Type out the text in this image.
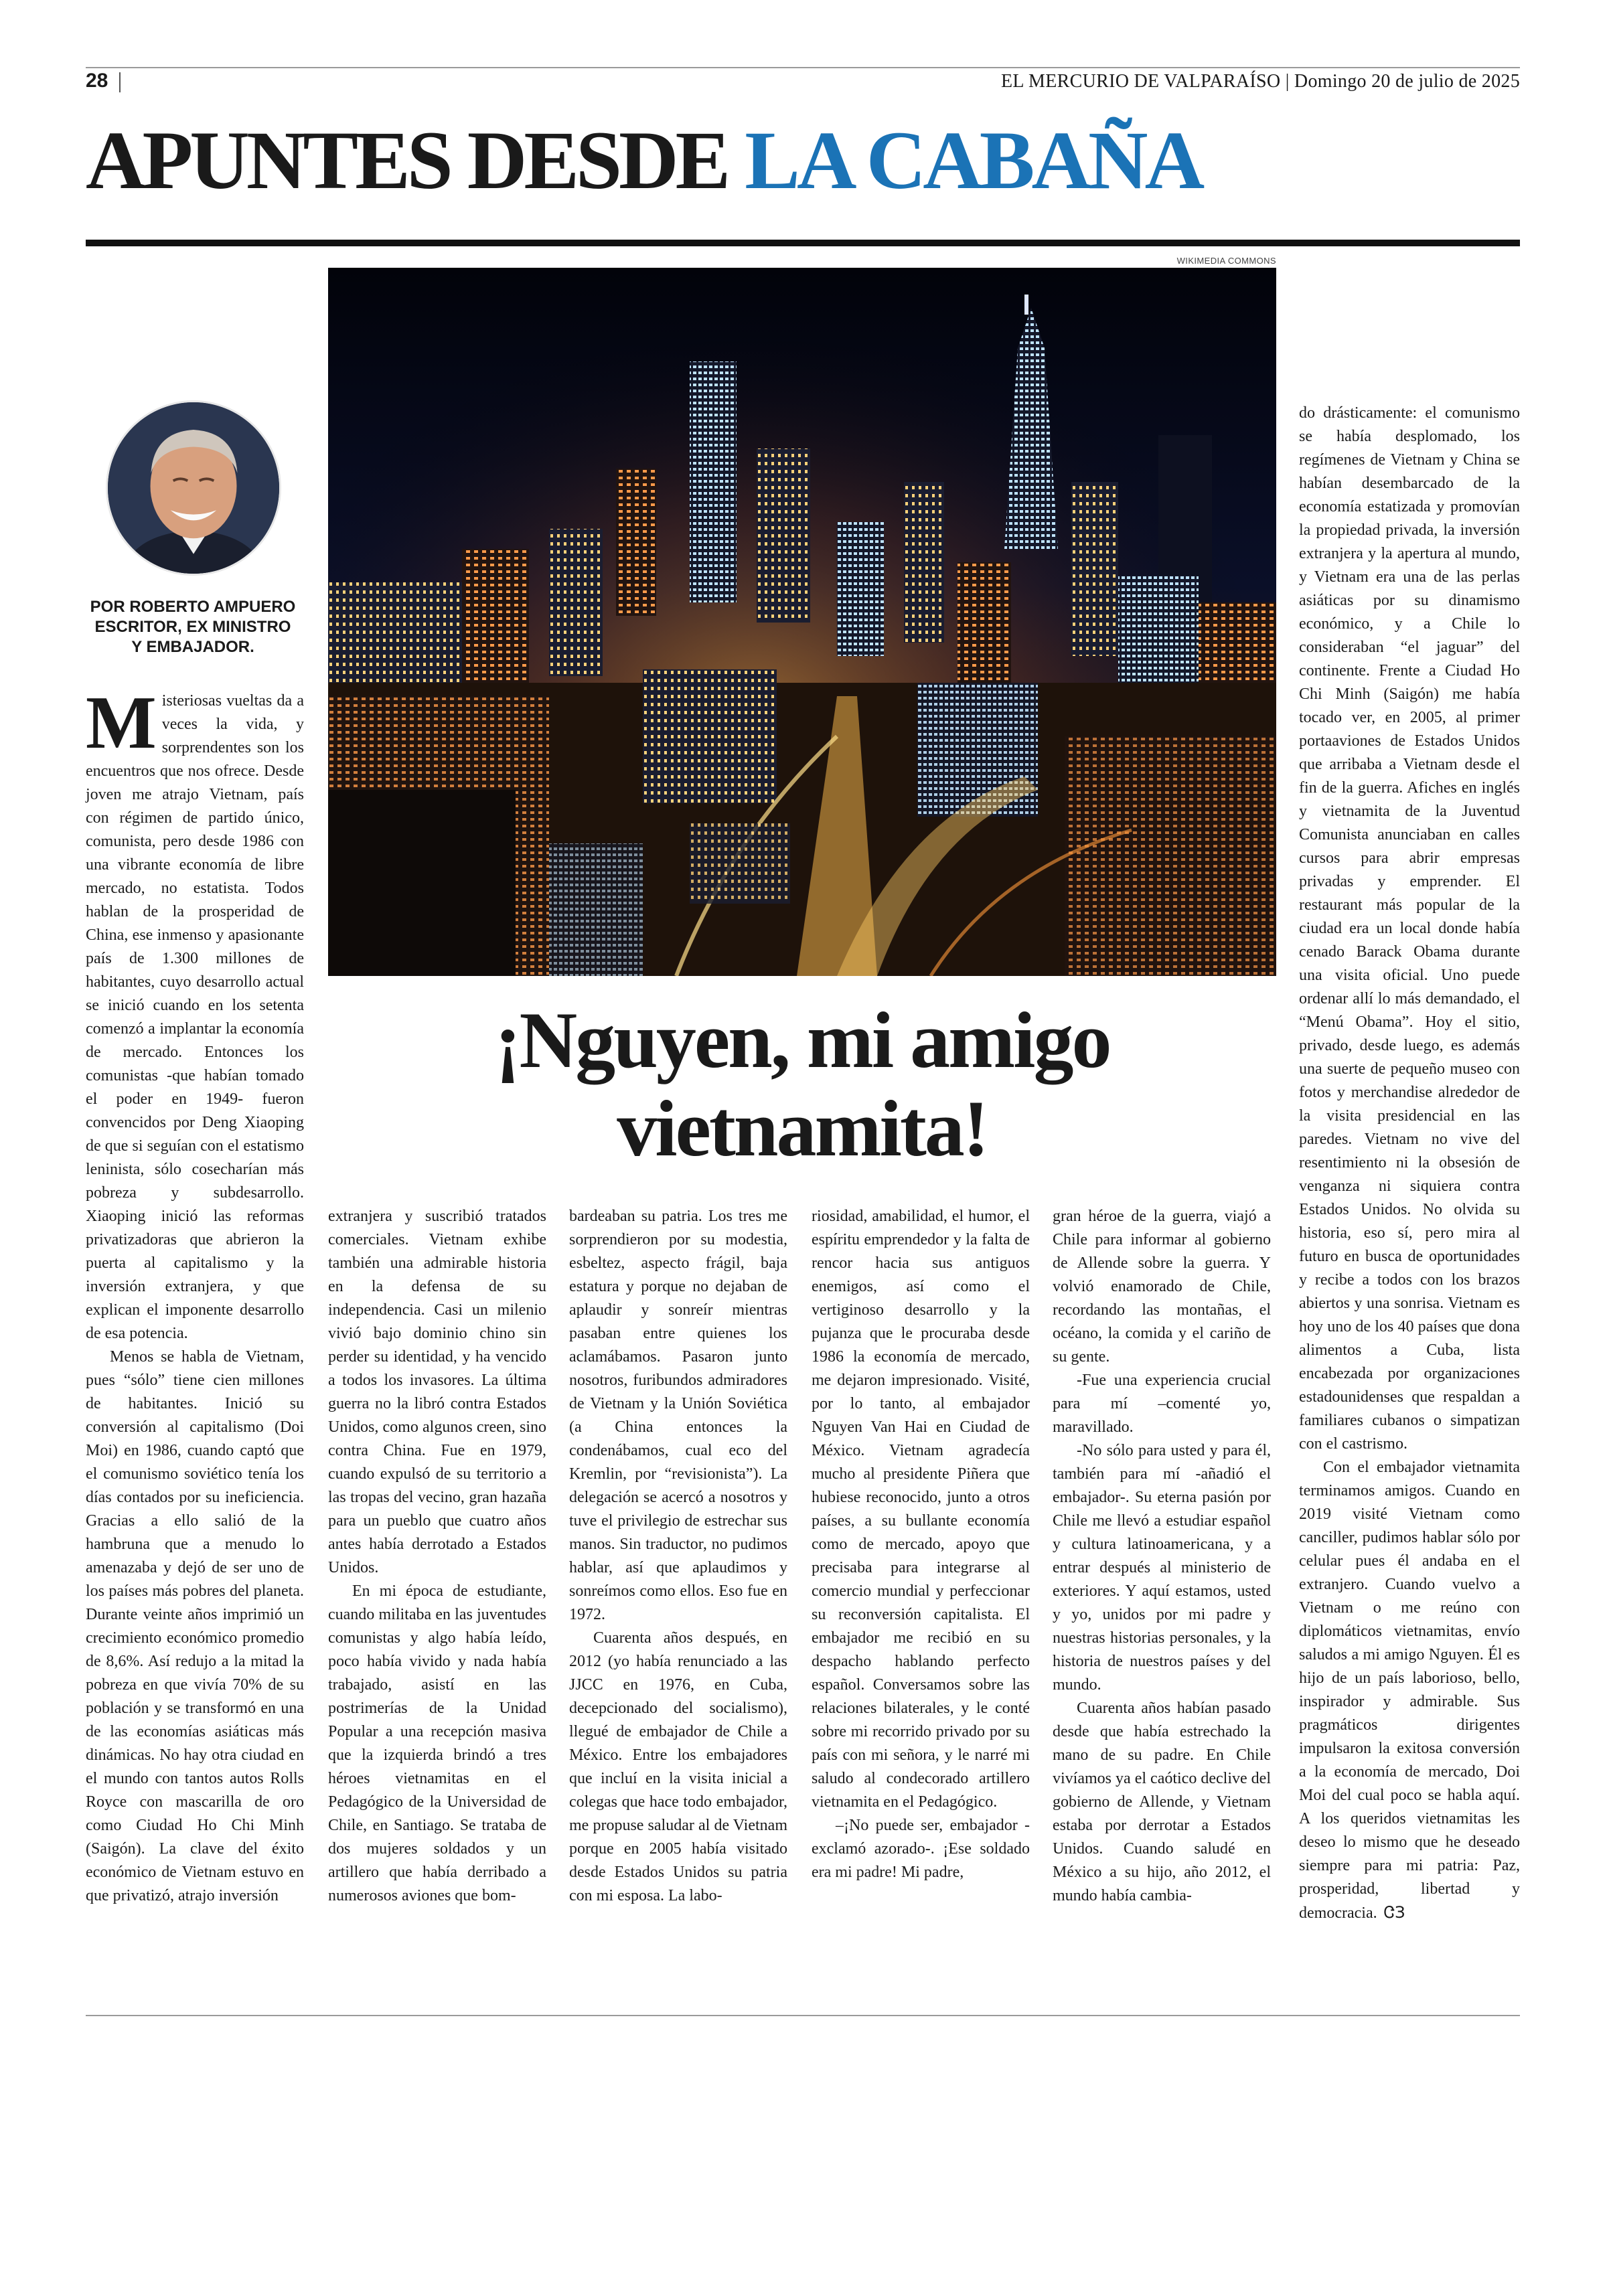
28	EL MERCURIO DE VALPARAÍSO | Domingo 20 de julio de 2025
APUNTES DESDE LA CABAÑA
WIKIMEDIA COMMONS
POR ROBERTO AMPUERO
ESCRITOR, EX MINISTRO
Y EMBAJADOR.
¡Nguyen, mi amigo
vietnamita!

Misteriosas vueltas da a veces la vida, y sorprendentes son los encuentros que nos ofrece. Desde joven me atrajo Vietnam, país con régimen de partido único, comunista, pero desde 1986 con una vibrante economía de libre mercado, no estatista. Todos hablan de la prosperidad de China, ese inmenso y apasionante país de 1.300 millones de habitantes, cuyo desarrollo actual se inició cuando en los setenta comenzó a implantar la economía de mercado. Entonces los comunistas -que habían tomado el poder en 1949- fueron convencidos por Deng Xiaoping de que si seguían con el estatismo leninista, sólo cosecharían más pobreza y subdesarrollo. Xiaoping inició las reformas privatizadoras que abrieron la puerta al capitalismo y la inversión extranjera, y que explican el imponente desarrollo de esa potencia.

Menos se habla de Vietnam, pues “sólo” tiene cien millones de habitantes. Inició su conversión al capitalismo (Doi Moi) en 1986, cuando captó que el comunismo soviético tenía los días contados por su ineficiencia. Gracias a ello salió de la hambruna que a menudo lo amenazaba y dejó de ser uno de los países más pobres del planeta. Durante veinte años imprimió un crecimiento económico promedio de 8,6%. Así redujo a la mitad la pobreza en que vivía 70% de su población y se transformó en una de las economías asiáticas más dinámicas. No hay otra ciudad en el mundo con tantos autos Rolls Royce con mascarilla de oro como Ciudad Ho Chi Minh (Saigón). La clave del éxito económico de Vietnam estuvo en que privatizó, atrajo inversión

extranjera y suscribió tratados comerciales. Vietnam exhibe también una admirable historia en la defensa de su independencia. Casi un milenio vivió bajo dominio chino sin perder su identidad, y ha vencido a todos los invasores. La última guerra no la libró contra Estados Unidos, como algunos creen, sino contra China. Fue en 1979, cuando expulsó de su territorio a las tropas del vecino, gran hazaña para un pueblo que cuatro años antes había derrotado a Estados Unidos.

En mi época de estudiante, cuando militaba en las juventudes comunistas y algo había leído, poco había vivido y nada había trabajado, asistí en las postrimerías de la Unidad Popular a una recepción masiva que la izquierda brindó a tres héroes vietnamitas en el Pedagógico de la Universidad de Chile, en Santiago. Se trataba de dos mujeres soldados y un artillero que había derribado a numerosos aviones que bom-

bardeaban su patria. Los tres me sorprendieron por su modestia, esbeltez, aspecto frágil, baja estatura y porque no dejaban de aplaudir y sonreír mientras pasaban entre quienes los aclamábamos. Pasaron junto nosotros, furibundos admiradores de Vietnam y la Unión Soviética (a China entonces la condenábamos, cual eco del Kremlin, por “revisionista”). La delegación se acercó a nosotros y tuve el privilegio de estrechar sus manos. Sin traductor, no pudimos hablar, así que aplaudimos y sonreímos como ellos. Eso fue en 1972.

Cuarenta años después, en 2012 (yo había renunciado a las JJCC en 1976, en Cuba, decepcionado del socialismo), llegué de embajador de Chile a México. Entre los embajadores que incluí en la visita inicial a colegas que hace todo embajador, me propuse saludar al de Vietnam porque en 2005 había visitado desde Estados Unidos su patria con mi esposa. La labo-

riosidad, amabilidad, el humor, el espíritu emprendedor y la falta de rencor hacia sus antiguos enemigos, así como el vertiginoso desarrollo y la pujanza que le procuraba desde 1986 la economía de mercado, me dejaron impresionado. Visité, por lo tanto, al embajador Nguyen Van Hai en Ciudad de México. Vietnam agradecía mucho al presidente Piñera que hubiese reconocido, junto a otros países, a su bullante economía como de mercado, apoyo que precisaba para integrarse al comercio mundial y perfeccionar su reconversión capitalista. El embajador me recibió en su despacho hablando perfecto español. Conversamos sobre las relaciones bilaterales, y le conté sobre mi recorrido privado por su país con mi señora, y le narré mi saludo al condecorado artillero vietnamita en el Pedagógico.

–¡No puede ser, embajador -exclamó azorado-. ¡Ese soldado era mi padre! Mi padre,

gran héroe de la guerra, viajó a Chile para informar al gobierno de Allende sobre la guerra. Y volvió enamorado de Chile, recordando las montañas, el océano, la comida y el cariño de su gente.

-Fue una experiencia crucial para mí –comenté yo, maravillado.

-No sólo para usted y para él, también para mí -añadió el embajador-. Su eterna pasión por Chile me llevó a estudiar español y cultura latinoamericana, y a entrar después al ministerio de exteriores. Y aquí estamos, usted y yo, unidos por mi padre y nuestras historias personales, y la historia de nuestros países y del mundo.

Cuarenta años habían pasado desde que había estrechado la mano de su padre. En Chile vivíamos ya el caótico declive del gobierno de Allende, y Vietnam estaba por derrotar a Estados Unidos. Cuando saludé en México a su hijo, año 2012, el mundo había cambia-

do drásticamente: el comunismo se había desplomado, los regímenes de Vietnam y China se habían desembarcado de la economía estatizada y promovían la propiedad privada, la inversión extranjera y la apertura al mundo, y Vietnam era una de las perlas asiáticas por su dinamismo económico, y a Chile lo consideraban “el jaguar” del continente. Frente a Ciudad Ho Chi Minh (Saigón) me había tocado ver, en 2005, al primer portaaviones de Estados Unidos que arribaba a Vietnam desde el fin de la guerra. Afiches en inglés y vietnamita de la Juventud Comunista anunciaban en calles cursos para abrir empresas privadas y emprender. El restaurant más popular de la ciudad era un local donde había cenado Barack Obama durante una visita oficial. Uno puede ordenar allí lo más demandado, el “Menú Obama”. Hoy el sitio, privado, desde luego, es además una suerte de pequeño museo con fotos y merchandise alrededor de la visita presidencial en las paredes. Vietnam no vive del resentimiento ni la obsesión de venganza ni siquiera contra Estados Unidos. No olvida su historia, eso sí, pero mira al futuro en busca de oportunidades y recibe a todos con los brazos abiertos y una sonrisa. Vietnam es hoy uno de los 40 países que dona alimentos a Cuba, lista encabezada por organizaciones estadounidenses que respaldan a familiares cubanos o simpatizan con el castrismo.

Con el embajador vietnamita terminamos amigos. Cuando en 2019 visité Vietnam como canciller, pudimos hablar sólo por celular pues él andaba en el extranjero. Cuando vuelvo a Vietnam o me reúno con diplomáticos vietnamitas, envío saludos a mi amigo Nguyen. Él es hijo de un país laborioso, bello, inspirador y admirable. Sus pragmáticos dirigentes impulsaron la exitosa conversión a la economía de mercado, Doi Moi del cual poco se habla aquí. A los queridos vietnamitas les deseo lo mismo que he deseado siempre para mi patria: Paz, prosperidad, libertad y democracia. ᏣЗ
